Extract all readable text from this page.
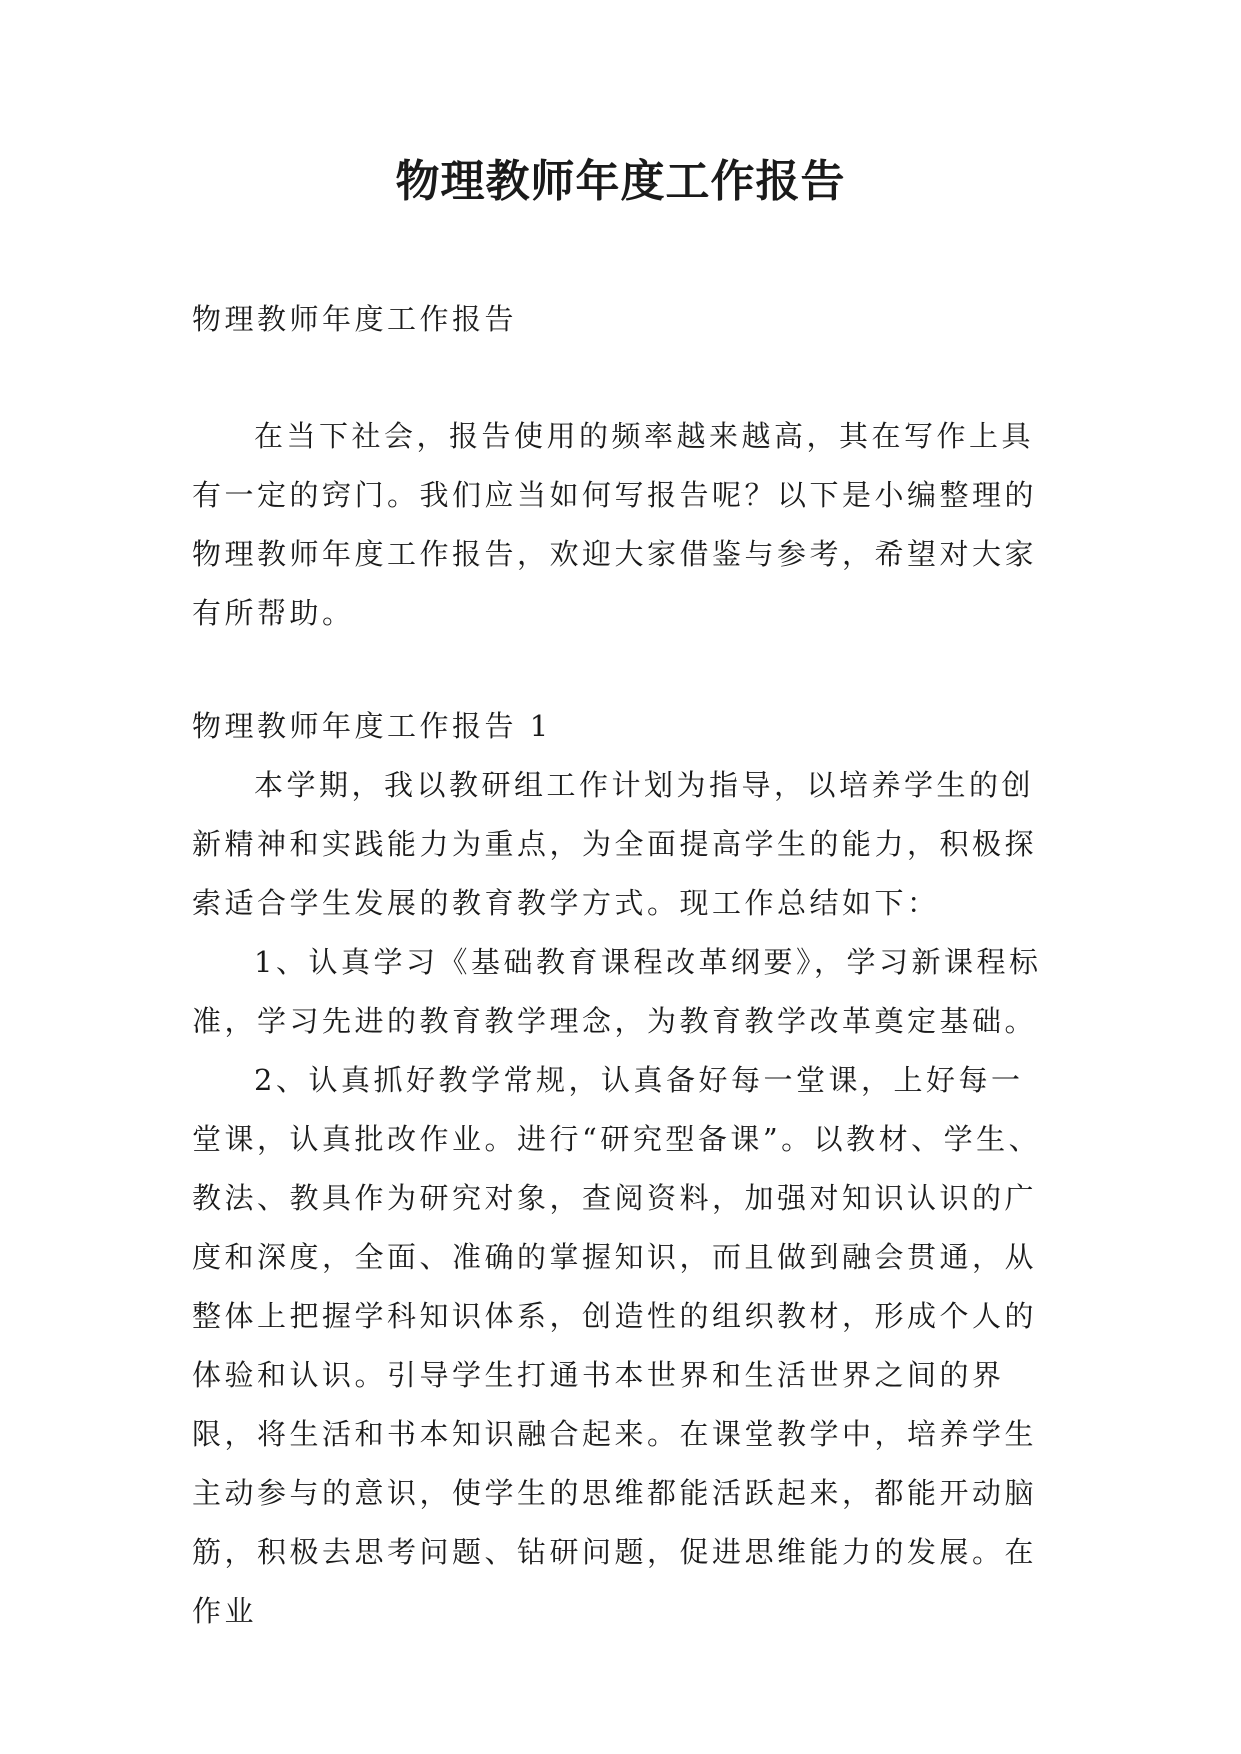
物理教师年度工作报告

物理教师年度工作报告

在当下社会，报告使用的频率越来越高，其在写作上具有一定的窍门。我们应当如何写报告呢？以下是小编整理的物理教师年度工作报告，欢迎大家借鉴与参考，希望对大家有所帮助。

物理教师年度工作报告 1

本学期，我以教研组工作计划为指导，以培养学生的创新精神和实践能力为重点，为全面提高学生的能力，积极探索适合学生发展的教育教学方式。现工作总结如下：

1、认真学习《基础教育课程改革纲要》，学习新课程标准，学习先进的教育教学理念，为教育教学改革奠定基础。

2、认真抓好教学常规，认真备好每一堂课，上好每一堂课，认真批改作业。进行“研究型备课”。以教材、学生、教法、教具作为研究对象，查阅资料，加强对知识认识的广度和深度，全面、准确的掌握知识，而且做到融会贯通，从整体上把握学科知识体系，创造性的组织教材，形成个人的体验和认识。引导学生打通书本世界和生活世界之间的界限，将生活和书本知识融合起来。在课堂教学中，培养学生主动参与的意识，使学生的思维都能活跃起来，都能开动脑筋，积极去思考问题、钻研问题，促进思维能力的发展。在作业
